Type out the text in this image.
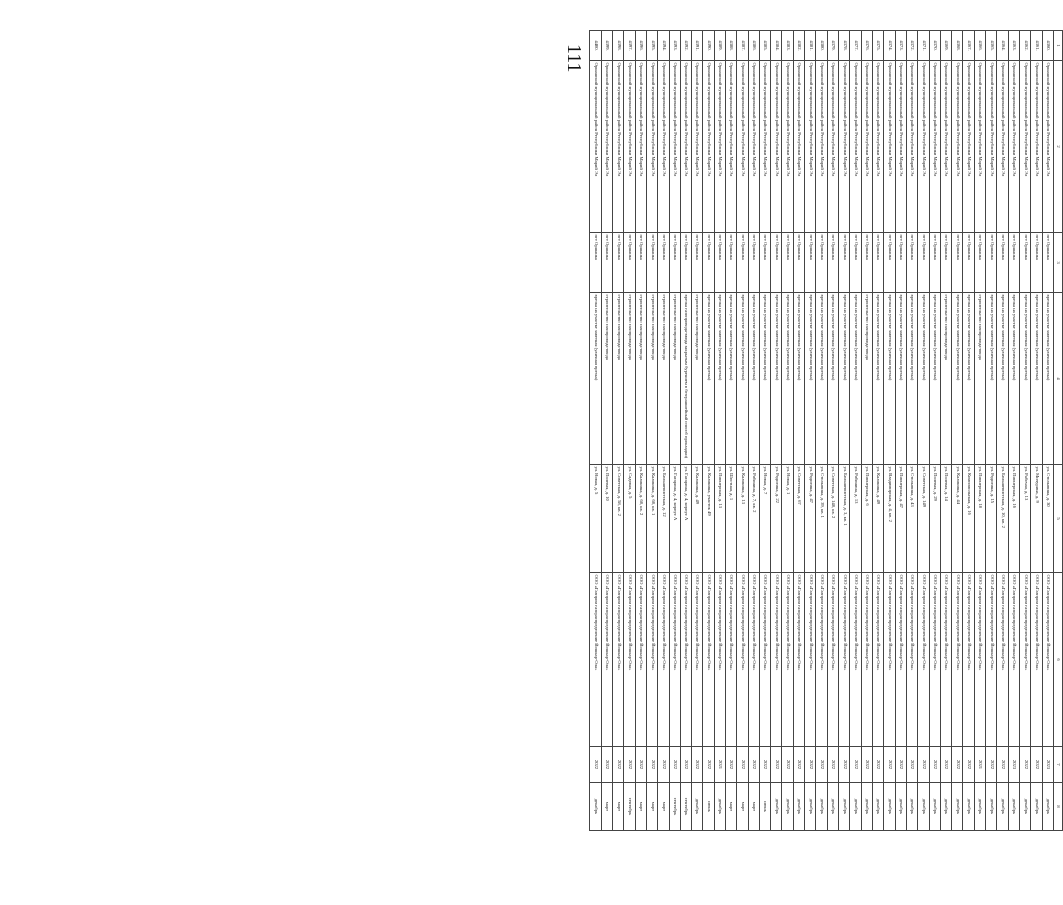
111	1	2	3	4	5	6	7	8
4360.	Оршанский муниципальный район Республики Марий Эл	пгт Оршанка	врезка на участке заветная (уличная врезка)	ул. Столыпина, д. 30	ООО «Газпром газораспределение Йошкар-Ола»	2023	декабрь
4361.	Оршанский муниципальный район Республики Марий Эл	пгт Оршанка	врезка на участке заветная (уличная врезка)	ул. Мичурина, д. 9	ООО «Газпром газораспределение Йошкар-Ола»	2022	декабрь
4362.	Оршанский муниципальный район Республики Марий Эл	пгт Оршанка	врезка на участке заветная (уличная врезка)	ул. Рабочая, д. 13	ООО «Газпром газораспределение Йошкар-Ола»	2022	декабрь
4363.	Оршанский муниципальный район Республики Марий Эл	пгт Оршанка	врезка на участке заветная (уличная врезка)	ул. Пионерская, д. 16	ООО «Газпром газораспределение Йошкар-Ола»	2023	декабрь
4364.	Оршанский муниципальный район Республики Марий Эл	пгт Оршанка	врезка на участке заветная (уличная врезка)	ул. Большевистская, д. 10, кв. 2	ООО «Газпром газораспределение Йошкар-Ола»	2022	декабрь
4365.	Оршанский муниципальный район Республики Марий Эл	пгт Оршанка	врезка на участке заветная (уличная врезка)	ул. Родигина, д. 15	ООО «Газпром газораспределение Йошкар-Ола»	2022	декабрь
4366.	Оршанский муниципальный район Республики Марий Эл	пгт Оршанка	строительство газопровода-ввода	ул. Пионерская, д. 18	ООО «Газпром газораспределение Йошкар-Ола»	2021	декабрь
4367.	Оршанский муниципальный район Республики Марий Эл	пгт Оршанка	врезка на участке заветная (уличная врезка)	ул. Комсомольская, д. 16	ООО «Газпром газораспределение Йошкар-Ола»	2022	декабрь
4368.	Оршанский муниципальный район Республики Марий Эл	пгт Оршанка	врезка на участке заветная (уличная врезка)	ул. Калинина, д. 44	ООО «Газпром газораспределение Йошкар-Ола»	2022	декабрь
4369.	Оршанский муниципальный район Республики Марий Эл	пгт Оршанка	строительство газопровода-ввода	ул. Полевая, д. 14	ООО «Газпром газораспределение Йошкар-Ола»	2022	декабрь
4370.	Оршанский муниципальный район Республики Марий Эл	пгт Оршанка	врезка на участке заветная (уличная врезка)	ул. Полевая, д. 29	ООО «Газпром газораспределение Йошкар-Ола»	2022	декабрь
4371.	Оршанский муниципальный район Республики Марий Эл	пгт Оршанка	врезка на участке заветная (уличная врезка)	ул. Советская, д. 149	ООО «Газпром газораспределение Йошкар-Ола»	2022	декабрь
4372.	Оршанский муниципальный район Республики Марий Эл	пгт Оршанка	врезка на участке заветная (уличная врезка)	ул. Столыпина, д. 43	ООО «Газпром газораспределение Йошкар-Ола»	2022	декабрь
4373.	Оршанский муниципальный район Республики Марий Эл	пгт Оршанка	врезка на участке заветная (уличная врезка)	ул. Пионерская, д. 47	ООО «Газпром газораспределение Йошкар-Ола»	2022	декабрь
4374.	Оршанский муниципальный район Республики Марий Эл	пгт Оршанка	врезка на участке заветная (уличная врезка)	ул. Владимирская, д. 4, кв. 2	ООО «Газпром газораспределение Йошкар-Ола»	2022	декабрь
4375.	Оршанский муниципальный район Республики Марий Эл	пгт Оршанка	врезка на участке заветная (уличная врезка)	ул. Калинина, д. 49	ООО «Газпром газораспределение Йошкар-Ола»	2022	декабрь
4376.	Оршанский муниципальный район Республики Марий Эл	пгт Оршанка	строительство газопровода-ввода	ул. Пионерская, д. 6	ООО «Газпром газораспределение Йошкар-Ола»	2022	декабрь
4377.	Оршанский муниципальный район Республики Марий Эл	пгт Оршанка	врезка на участке заветная (уличная врезка)	ул. Рябинина, д. 13	ООО «Газпром газораспределение Йошкар-Ола»	2022	декабрь
4378.	Оршанский муниципальный район Республики Марий Эл	пгт Оршанка	врезка на участке заветная (уличная врезка)	ул. Большевистская, д. 3, кв. 1	ООО «Газпром газораспределение Йошкар-Ола»	2022	декабрь
4379.	Оршанский муниципальный район Республики Марий Эл	пгт Оршанка	врезка на участке заветная (уличная врезка)	ул. Советская, д. 148, кв. 2	ООО «Газпром газораспределение Йошкар-Ола»	2022	декабрь
4380.	Оршанский муниципальный район Республики Марий Эл	пгт Оршанка	врезка на участке заветная (уличная врезка)	ул. Столыпина, д. 39, кв. 1	ООО «Газпром газораспределение Йошкар-Ола»	2022	декабрь
4381.	Оршанский муниципальный район Республики Марий Эл	пгт Оршанка	врезка на участке заветная (уличная врезка)	ул. Родигина, д. 47	ООО «Газпром газораспределение Йошкар-Ола»	2022	декабрь
4382.	Оршанский муниципальный район Республики Марий Эл	пгт Оршанка	врезка на участке заветная (уличная врезка)	ул. Советская, д. 67	ООО «Газпром газораспределение Йошкар-Ола»	2022	декабрь
4383.	Оршанский муниципальный район Республики Марий Эл	пгт Оршанка	врезка на участке заветная (уличная врезка)	ул. Новая, д. 1	ООО «Газпром газораспределение Йошкар-Ола»	2022	декабрь
4384.	Оршанский муниципальный район Республики Марий Эл	пгт Оршанка	врезка на участке заветная (уличная врезка)	ул. Родигина, д. 22	ООО «Газпром газораспределение Йошкар-Ола»	2022	декабрь
4385.	Оршанский муниципальный район Республики Марий Эл	пгт Оршанка	врезка на участке заветная (уличная врезка)	ул. Новая, д. 7	ООО «Газпром газораспределение Йошкар-Ола»	2022	июнь
4386.	Оршанский муниципальный район Республики Марий Эл	пгт Оршанка	врезка на участке заветная (уличная врезка)	ул. Рябинина, д. 7, кв. 2	ООО «Газпром газораспределение Йошкар-Ола»	2022	март
4387.	Оршанский муниципальный район Республики Марий Эл	пгт Оршанка	врезка на участке заветная (уличная врезка)	ул. Калинина, д. 13	ООО «Газпром газораспределение Йошкар-Ола»	2022	март
4388.	Оршанский муниципальный район Республики Марий Эл	пгт Оршанка	врезка на участке заветная (уличная врезка)	ул. Шостная, д. 1	ООО «Газпром газораспределение Йошкар-Ола»	2022	март
4389.	Оршанский муниципальный район Республики Марий Эл	пгт Оршанка	врезка на участке заветная (уличная врезка)	ул. Пионерская, д. 13	ООО «Газпром газораспределение Йошкар-Ола»	2021	декабрь
4390.	Оршанский муниципальный район Республики Марий Эл	пгт Оршанка	врезка на участке заветная (уличная врезка)	ул. Калинина, участок 49	ООО «Газпром газораспределение Йошкар-Ола»	2022	июнь
4391.	Оршанский муниципальный район Республики Марий Эл	пгт Оршанка	строительство газопровода-ввода	ул. Калинина, д. 49	ООО «Газпром газораспределение Йошкар-Ола»	2022	декабрь
4392.	Оршанский муниципальный район Республики Марий Эл	пгт Оршанка	врезка газопровода-ввода закрытым бурением в безграншейный способ прокладки)	ул. Гагарина, д. 4, корпус А	ООО «Газпром газораспределение Йошкар-Ола»	2022	сентябрь
4393.	Оршанский муниципальный район Республики Марий Эл	пгт Оршанка	строительство газопровода-ввода	ул. Гагарина, д. 4, корпус А	ООО «Газпром газораспределение Йошкар-Ола»	2022	сентябрь
4394.	Оршанский муниципальный район Республики Марий Эл	пгт Оршанка	строительство газопровода-ввода	ул. Большевистская, д. 12	ООО «Газпром газораспределение Йошкар-Ола»	2022	март
4395.	Оршанский муниципальный район Республики Марий Эл	пгт Оршанка	строительство газопровода-ввода	ул. Калинина, д. 68, кв. 1	ООО «Газпром газораспределение Йошкар-Ола»	2022	март
4396.	Оршанский муниципальный район Республики Марий Эл	пгт Оршанка	строительство газопровода-ввода	ул. Калинина, д. 68, кв. 2	ООО «Газпром газораспределение Йошкар-Ола»	2022	март
4397.	Оршанский муниципальный район Республики Марий Эл	пгт Оршанка	строительство газопровода-ввода	ул. Садовая, д. 5	ООО «Газпром газораспределение Йошкар-Ола»	2022	сентябрь
4398.	Оршанский муниципальный район Республики Марий Эл	пгт Оршанка	строительство газопровода-ввода	ул. Советская, д. 58, кв. 2	ООО «Газпром газораспределение Йошкар-Ола»	2022	март
4399.	Оршанский муниципальный район Республики Марий Эл	пгт Оршанка	строительство газопровода-ввода	ул. Полевая, д. 10	ООО «Газпром газораспределение Йошкар-Ола»	2022	март
4400.	Оршанский муниципальный район Республики Марий Эл	пгт Оршанка	врезка на участке заветная (уличная врезка)	ул. Новая, д. 5	ООО «Газпром газораспределение Йошкар-Ола»	2022	декабрь
